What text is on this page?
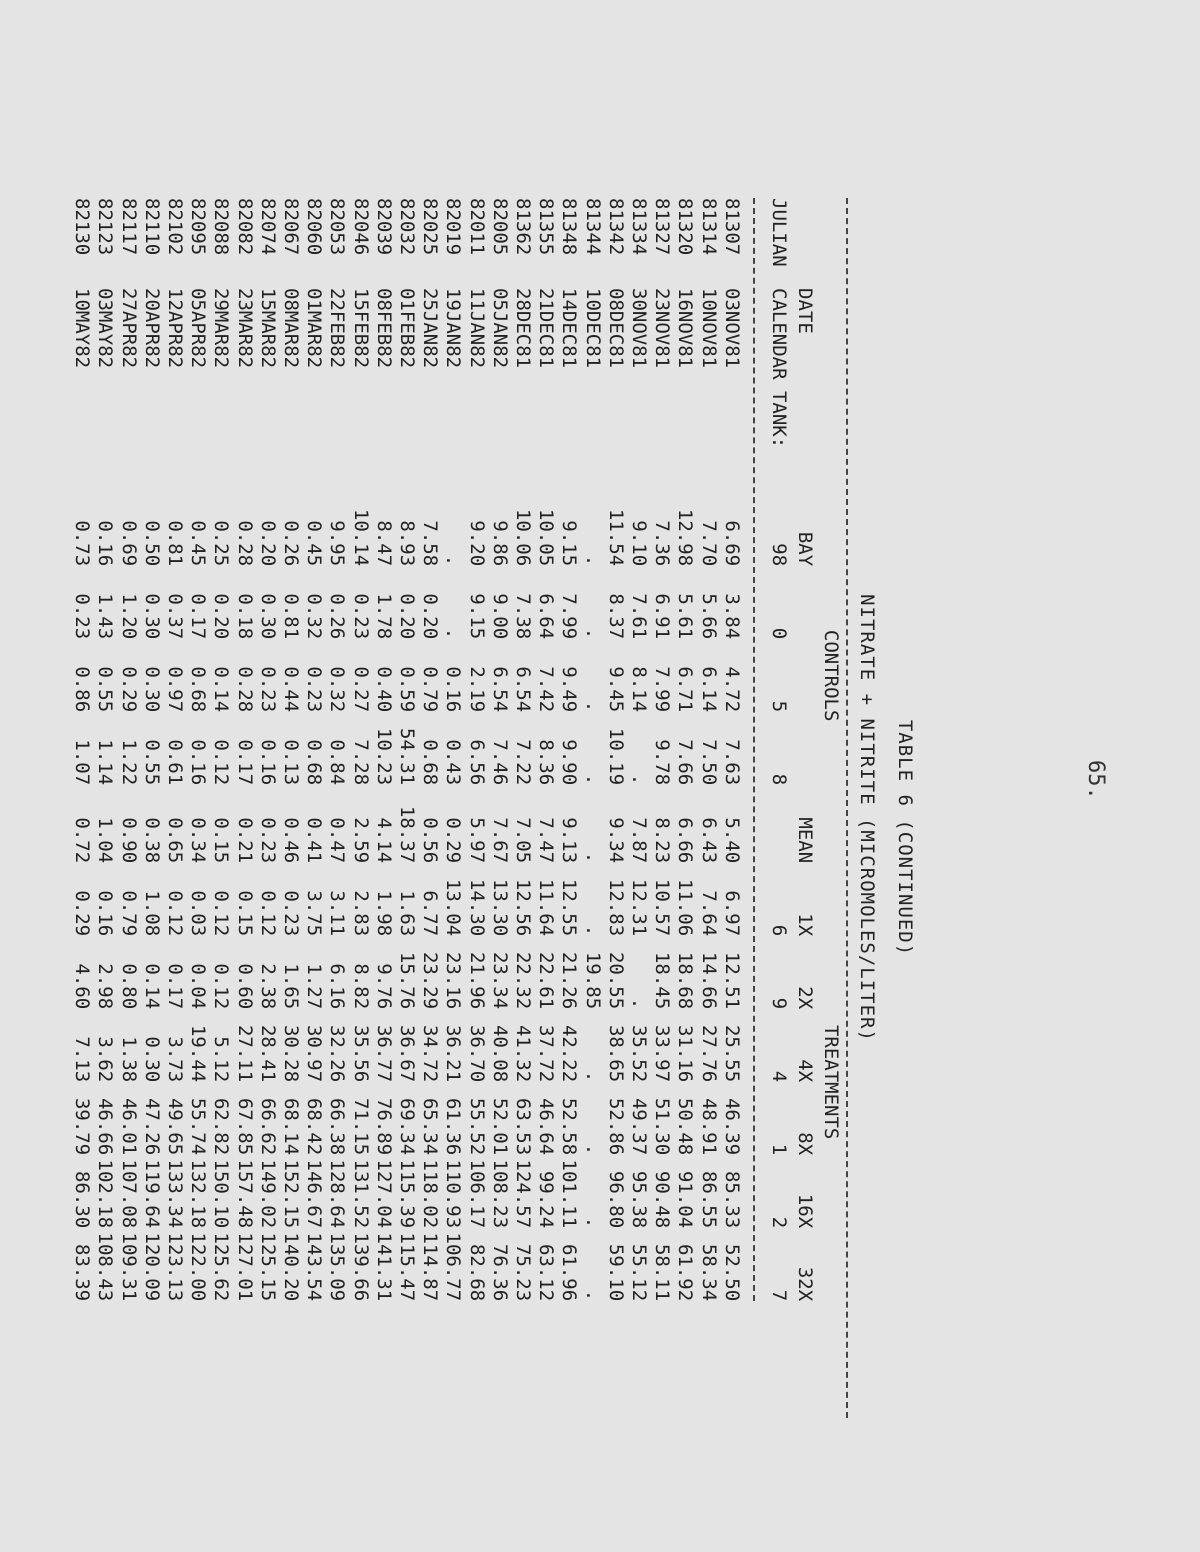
65.
TABLE 6 (CONTINUED)
NITRATE + NITRITE (MICROMOLES/LITER)
			CONTROLS				TREATMENTS					
	DATE	BAY				MEAN	1X	2X	4X	8X	16X	32X
JULIAN	CALENDAR TANK:	98	0	5	8		6	9	4	1	2	7

81307	03NOV81	6.69	3.84	4.72	7.63	5.40	6.97	12.51	25.55	46.39	85.33	52.50
81314	10NOV81	7.70	5.66	6.14	7.50	6.43	7.64	14.66	27.76	48.91	86.55	58.34
81320	16NOV81	12.98	5.61	6.71	7.66	6.66	11.06	18.68	31.16	50.48	91.04	61.92
81327	23NOV81	7.36	6.91	7.99	9.78	8.23	10.57	18.45	33.97	51.30	90.48	58.11
81334	30NOV81	9.10	7.61	8.14	.	7.87	12.31	.	35.52	49.37	95.38	55.12
81342	08DEC81	11.54	8.37	9.45	10.19	9.34	12.83	20.55	38.65	52.86	96.80	59.10
81344	10DEC81	.	.	.	.	.	.	19.85	.	.	.	.
81348	14DEC81	9.15	7.99	9.49	9.90	9.13	12.55	21.26	42.22	52.58	101.11	61.96
81355	21DEC81	10.05	6.64	7.42	8.36	7.47	11.64	22.61	37.72	46.64	99.24	63.12
81362	28DEC81	10.06	7.38	6.54	7.22	7.05	12.56	22.32	41.32	63.53	124.57	75.23
82005	05JAN82	9.86	9.00	6.54	7.46	7.67	13.30	23.34	40.08	52.01	108.23	76.36
82011	11JAN82	9.20	9.15	2.19	6.56	5.97	14.30	21.96	36.70	55.52	106.17	82.68
82019	19JAN82	.	.	0.16	0.43	0.29	13.04	23.16	36.21	61.36	110.93	106.77
82025	25JAN82	7.58	0.20	0.79	0.68	0.56	6.77	23.29	34.72	65.34	118.02	114.87
82032	01FEB82	8.93	0.20	0.59	54.31	18.37	1.63	15.76	36.67	69.34	115.39	115.47
82039	08FEB82	8.47	1.78	0.40	10.23	4.14	1.98	9.76	36.77	76.89	127.04	141.31
82046	15FEB82	10.14	0.23	0.27	7.28	2.59	2.83	8.82	35.56	71.15	131.52	139.66
82053	22FEB82	9.95	0.26	0.32	0.84	0.47	3.11	6.16	32.26	66.38	128.64	135.09
82060	01MAR82	0.45	0.32	0.23	0.68	0.41	3.75	1.27	30.97	68.42	146.67	143.54
82067	08MAR82	0.26	0.81	0.44	0.13	0.46	0.23	1.65	30.28	68.14	152.15	140.20
82074	15MAR82	0.20	0.30	0.23	0.16	0.23	0.12	2.38	28.41	66.62	149.02	125.15
82082	23MAR82	0.28	0.18	0.28	0.17	0.21	0.15	0.60	27.11	67.85	157.48	127.01
82088	29MAR82	0.25	0.20	0.14	0.12	0.15	0.12	0.12	5.12	62.82	150.10	125.62
82095	05APR82	0.45	0.17	0.68	0.16	0.34	0.03	0.04	19.44	55.74	132.18	122.00
82102	12APR82	0.81	0.37	0.97	0.61	0.65	0.12	0.17	3.73	49.65	133.34	123.13
82110	20APR82	0.50	0.30	0.30	0.55	0.38	1.08	0.14	0.30	47.26	119.64	120.09
82117	27APR82	0.69	1.20	0.29	1.22	0.90	0.79	0.80	1.38	46.01	107.08	109.31
82123	03MAY82	0.16	1.43	0.55	1.14	1.04	0.16	2.98	3.62	46.66	102.18	108.43
82130	10MAY82	0.73	0.23	0.86	1.07	0.72	0.29	4.60	7.13	39.79	86.30	83.39
